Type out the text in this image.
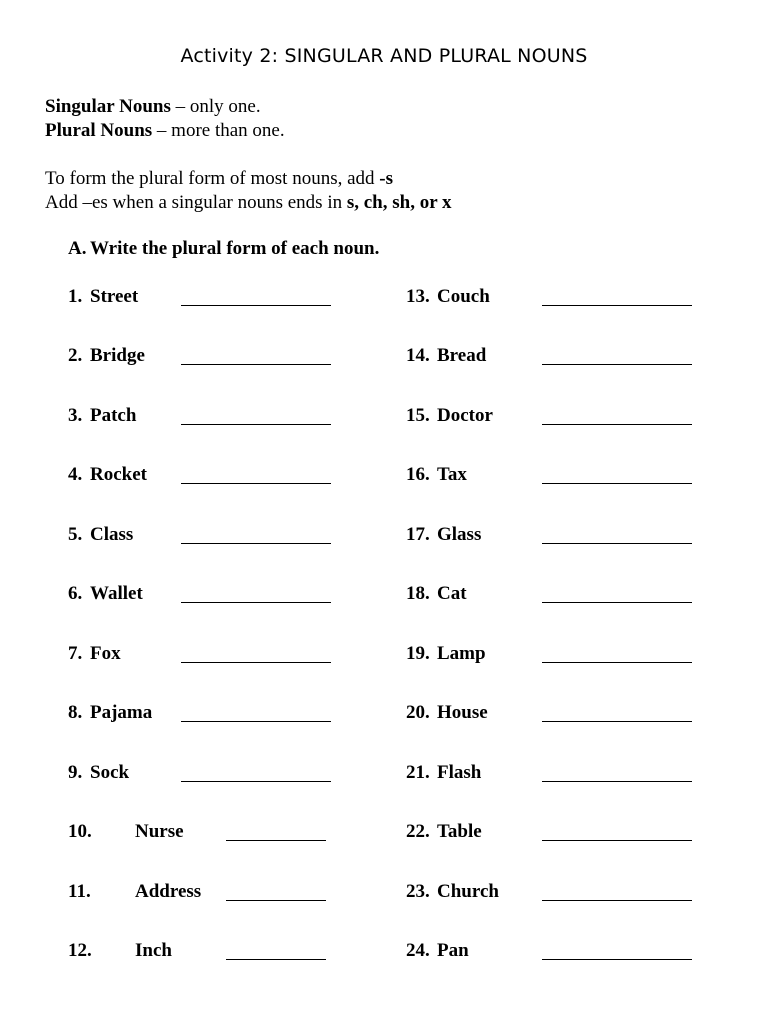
Activity 2: SINGULAR AND PLURAL NOUNS
Singular Nouns – only one.
Plural Nouns – more than one.
To form the plural form of most nouns, add -s
Add –es when a singular nouns ends in s, ch, sh, or x
A. Write the plural form of each noun.
1. Street
2. Bridge
3. Patch
4. Rocket
5. Class
6. Wallet
7. Fox
8. Pajama
9. Sock
10. Nurse
11. Address
12. Inch
13. Couch
14. Bread
15. Doctor
16. Tax
17. Glass
18. Cat
19. Lamp
20. House
21. Flash
22. Table
23. Church
24. Pan
